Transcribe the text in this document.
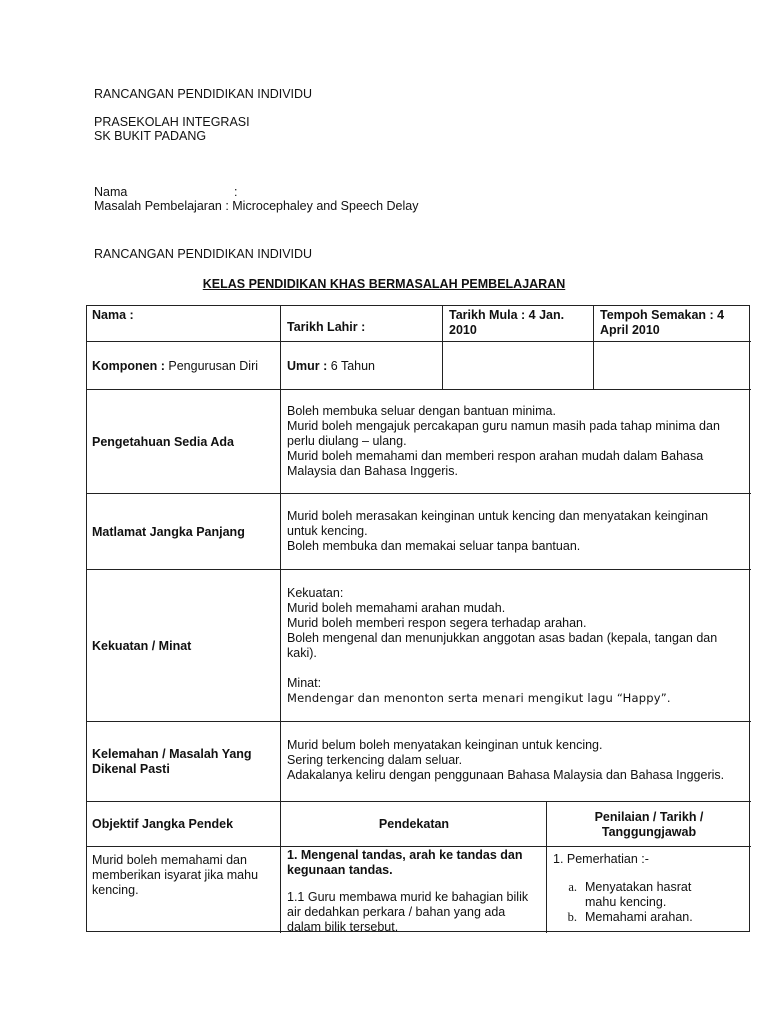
RANCANGAN PENDIDIKAN INDIVIDU

PRASEKOLAH INTEGRASI

SK BUKIT PADANG

Nama	:

Masalah Pembelajaran : Microcephaley and Speech Delay

RANCANGAN PENDIDIKAN INDIVIDU

KELAS PENDIDIKAN KHAS BERMASALAH PEMBELAJARAN

Nama :
Tarikh Lahir :
Tarikh Mula : 4 Jan.
2010
Tempoh Semakan : 4
April 2010
Komponen : Pengurusan Diri Umur : 6 Tahun
Pengetahuan Sedia Ada
Boleh membuka seluar dengan bantuan minima.
Murid boleh mengajuk percakapan guru namun masih pada tahap minima dan
perlu diulang – ulang.
Murid boleh memahami dan memberi respon arahan mudah dalam Bahasa
Malaysia dan Bahasa Inggeris.
Matlamat Jangka Panjang
Murid boleh merasakan keinginan untuk kencing dan menyatakan keinginan
untuk kencing.
Boleh membuka dan memakai seluar tanpa bantuan.
Kekuatan / Minat
Kekuatan:
Murid boleh memahami arahan mudah.
Murid boleh memberi respon segera terhadap arahan.
Boleh mengenal dan menunjukkan anggotan asas badan (kepala, tangan dan
kaki).
Minat:
Mendengar dan menonton serta menari mengikut lagu “Happy”.
Kelemahan / Masalah Yang
Dikenal Pasti
Murid belum boleh menyatakan keinginan untuk kencing.
Sering terkencing dalam seluar.
Adakalanya keliru dengan penggunaan Bahasa Malaysia dan Bahasa Inggeris.
Objektif Jangka Pendek	Pendekatan
Penilaian / Tarikh /
Tanggungjawab
Murid boleh memahami dan
memberikan isyarat jika mahu
kencing.
1. Mengenal tandas, arah ke tandas dan
kegunaan tandas.
1.1 Guru membawa murid ke bahagian bilik
air dedahkan perkara / bahan yang ada
dalam bilik tersebut.
1. Pemerhatian :-
a. Menyatakan hasrat
mahu kencing.
b. Memahami arahan.
